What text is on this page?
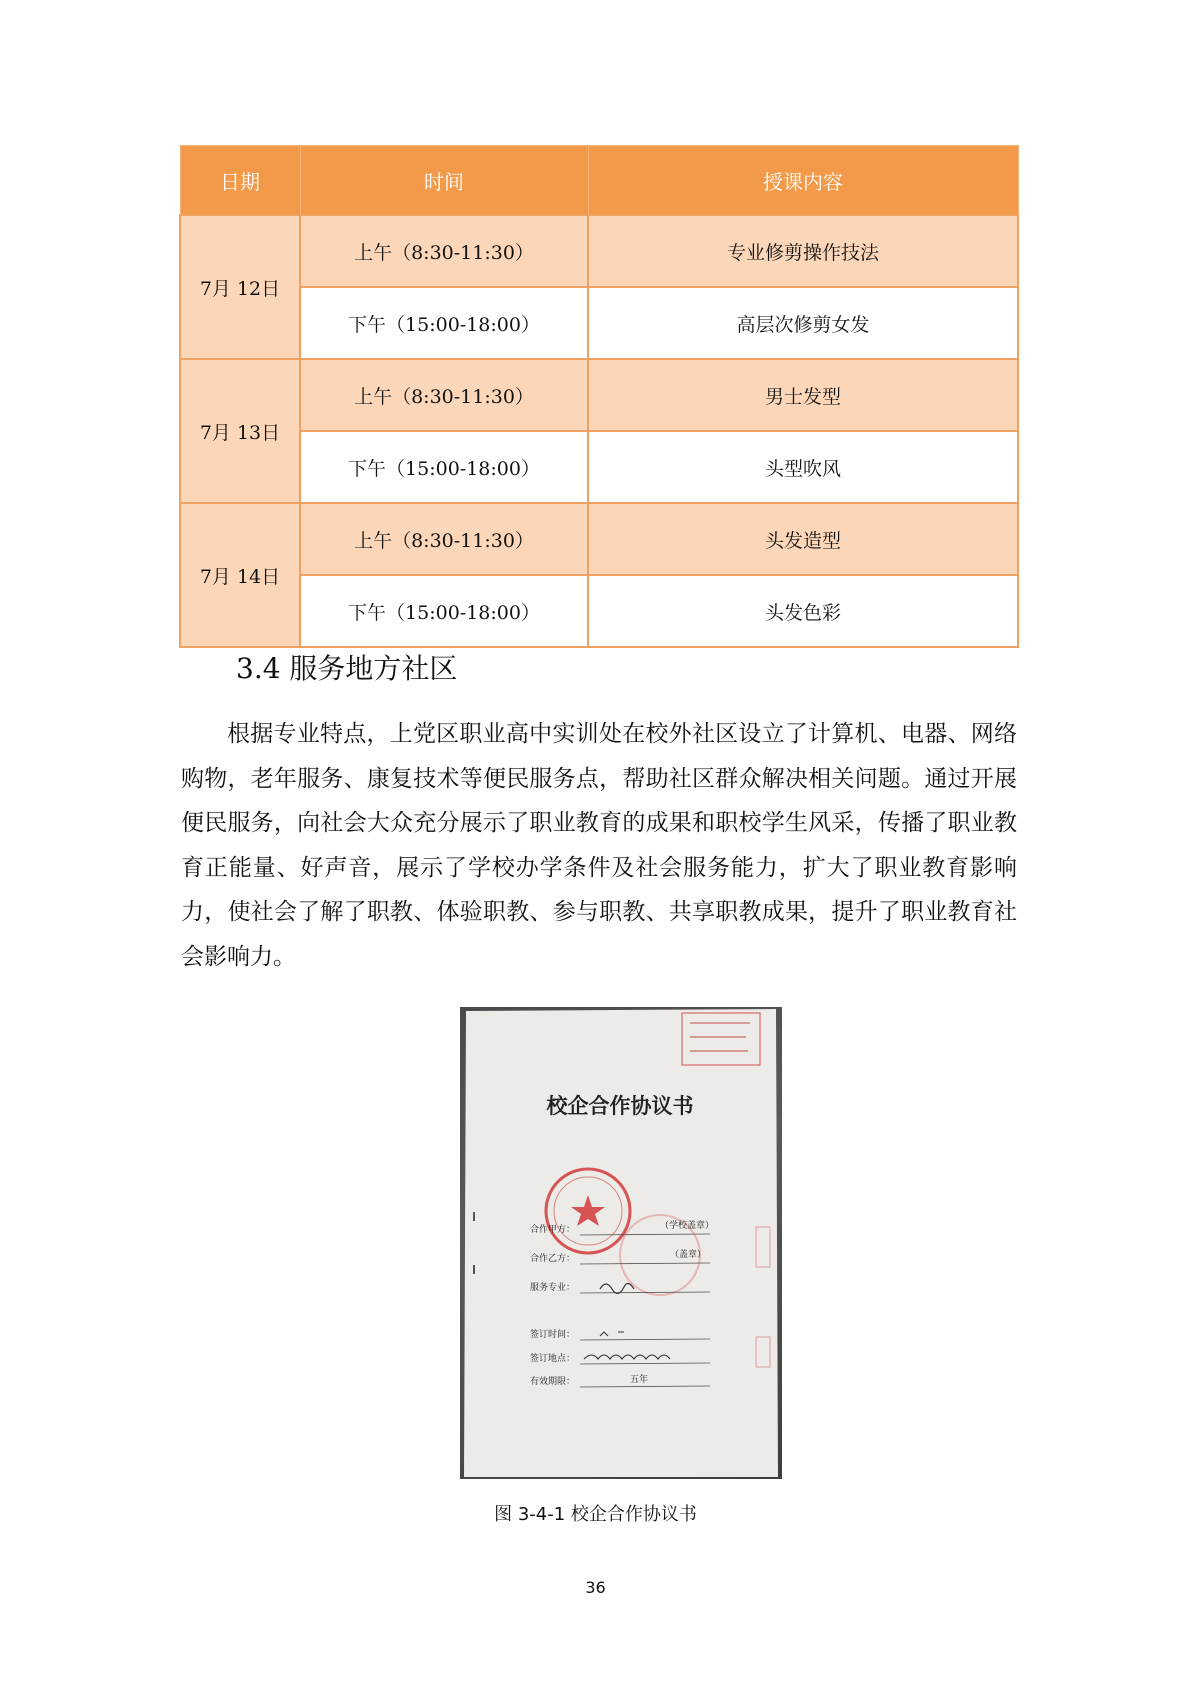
日期	时间	授课内容
7月 12日	上午（8:30-11:30）	专业修剪操作技法
	下午（15:00-18:00）	高层次修剪女发
7月 13日	上午（8:30-11:30）	男士发型
	下午（15:00-18:00）	头型吹风
7月 14日	上午（8:30-11:30）	头发造型
	下午（15:00-18:00）	头发色彩
3.4 服务地方社区

根据专业特点，上党区职业高中实训处在校外社区设立了计算机、电器、网络购物，老年服务、康复技术等便民服务点，帮助社区群众解决相关问题。通过开展便民服务，向社会大众充分展示了职业教育的成果和职校学生风采，传播了职业教育正能量、好声音，展示了学校办学条件及社会服务能力，扩大了职业教育影响力，使社会了解了职教、体验职教、参与职教、共享职教成果，提升了职业教育社会影响力。

校企合作协议书
合作甲方：	（学校盖章）
合作乙方：	（盖章）
服务专业：
签订时间：
签订地点：
有效期限：	五年

图 3-4-1 校企合作协议书

36
